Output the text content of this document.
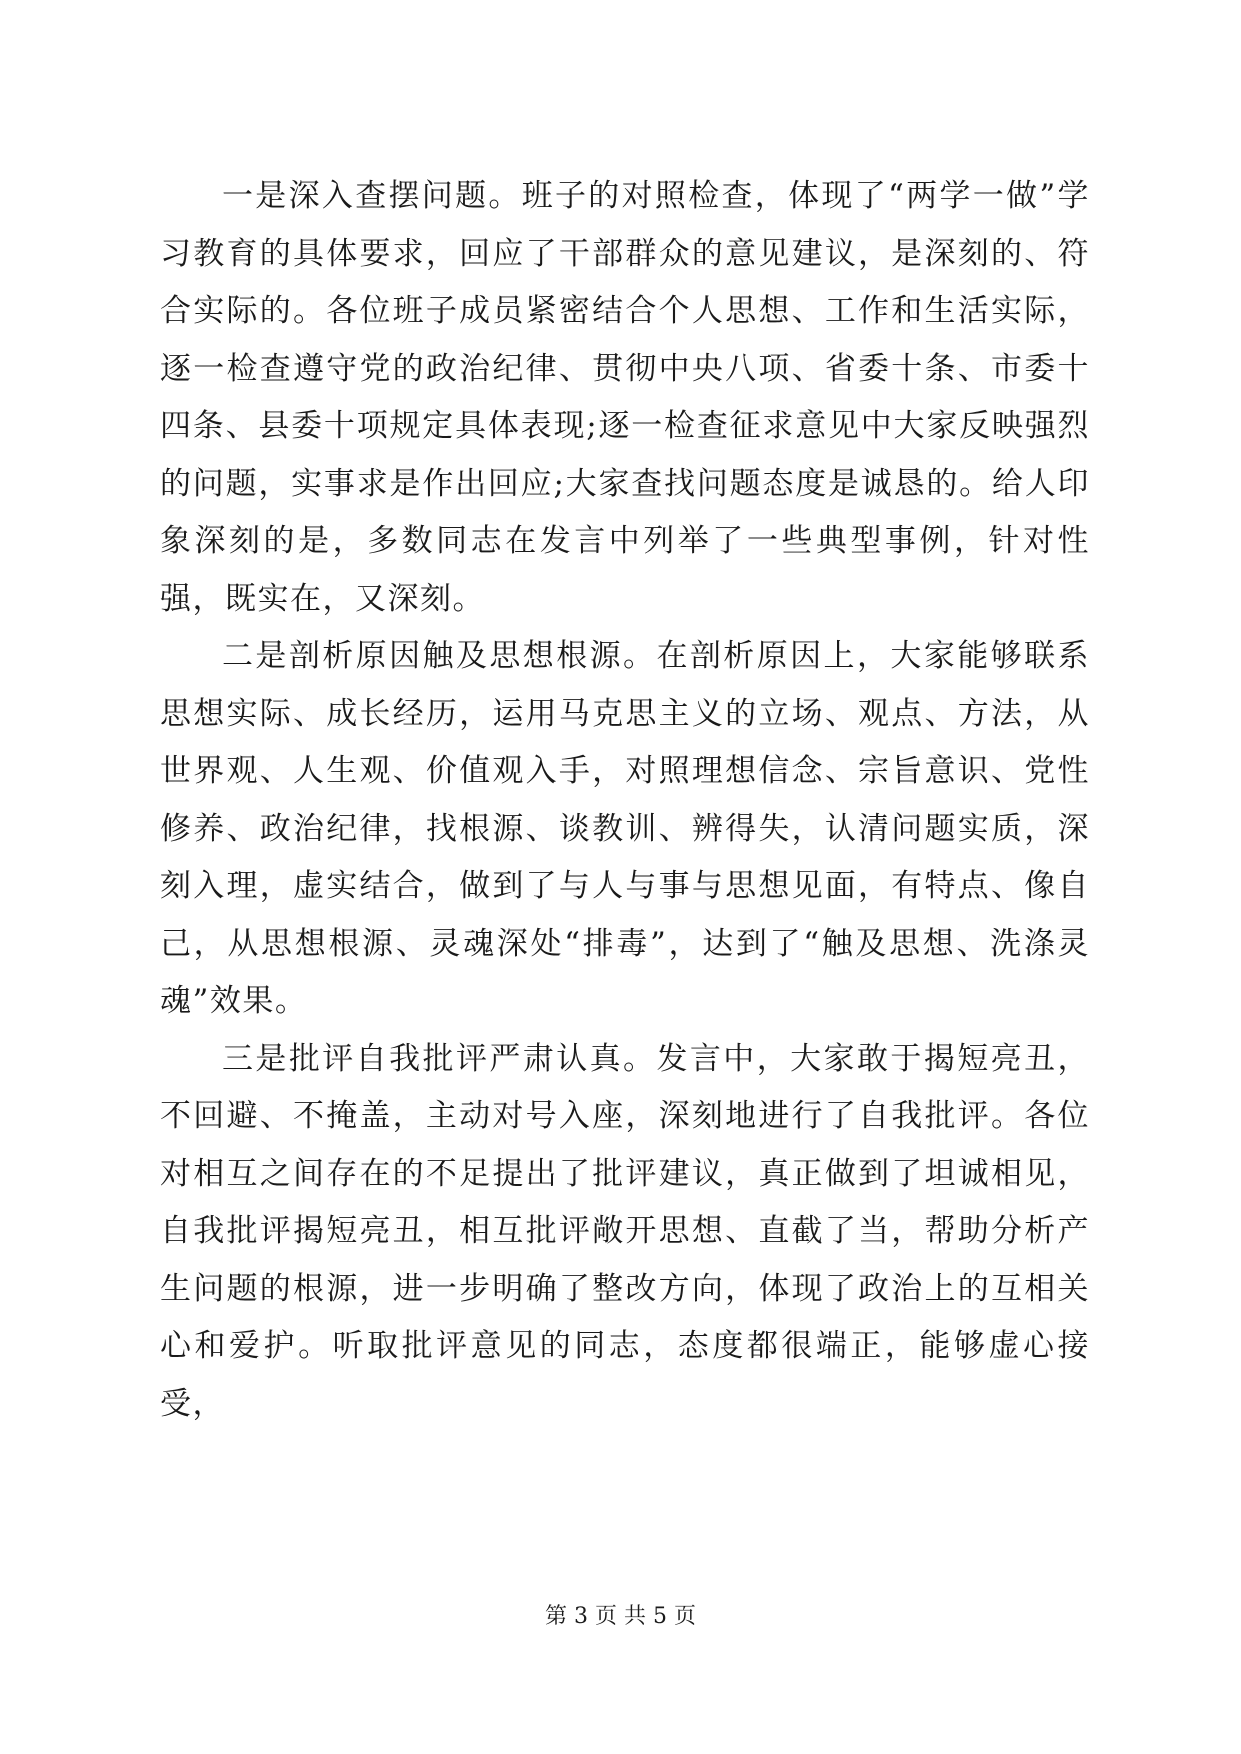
一是深入查摆问题。班子的对照检查，体现了“两学一做”学习教育的具体要求，回应了干部群众的意见建议，是深刻的、符合实际的。各位班子成员紧密结合个人思想、工作和生活实际，逐一检查遵守党的政治纪律、贯彻中央八项、省委十条、市委十四条、县委十项规定具体表现;逐一检查征求意见中大家反映强烈的问题，实事求是作出回应;大家查找问题态度是诚恳的。给人印象深刻的是，多数同志在发言中列举了一些典型事例，针对性强，既实在，又深刻。

二是剖析原因触及思想根源。在剖析原因上，大家能够联系思想实际、成长经历，运用马克思主义的立场、观点、方法，从世界观、人生观、价值观入手，对照理想信念、宗旨意识、党性修养、政治纪律，找根源、谈教训、辨得失，认清问题实质，深刻入理，虚实结合，做到了与人与事与思想见面，有特点、像自己，从思想根源、灵魂深处“排毒”，达到了“触及思想、洗涤灵魂”效果。

三是批评自我批评严肃认真。发言中，大家敢于揭短亮丑，不回避、不掩盖，主动对号入座，深刻地进行了自我批评。各位对相互之间存在的不足提出了批评建议，真正做到了坦诚相见，自我批评揭短亮丑，相互批评敞开思想、直截了当，帮助分析产生问题的根源，进一步明确了整改方向，体现了政治上的互相关心和爱护。听取批评意见的同志，态度都很端正，能够虚心接受，

第 3 页 共 5 页
